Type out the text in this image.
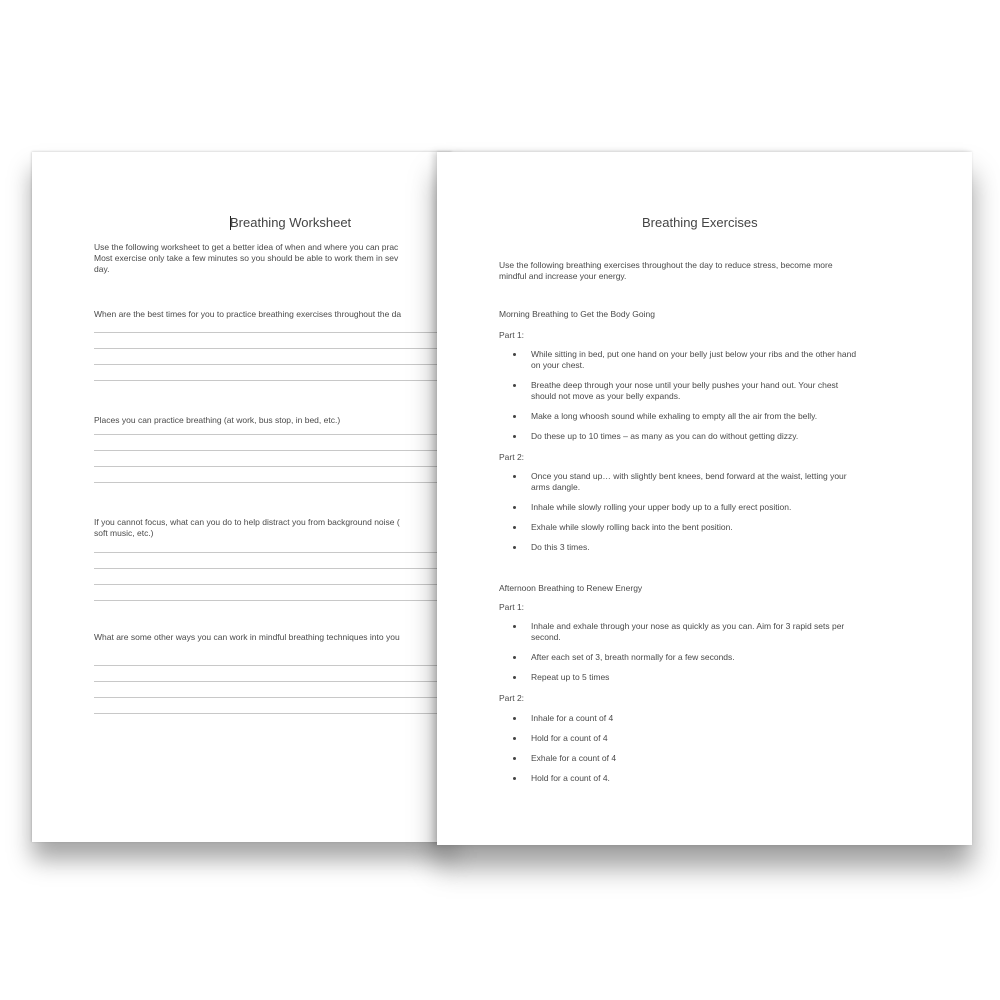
Breathing Worksheet
Use the following worksheet to get a better idea of when and where you can prac
Most exercise only take a few minutes so you should be able to work them in sev
day.
When are the best times for you to practice breathing exercises throughout the da
Places you can practice breathing (at work, bus stop, in bed, etc.)
If you cannot focus, what can you do to help distract you from background noise (
soft music, etc.)
What are some other ways you can work in mindful breathing techniques into you
Breathing Exercises
Use the following breathing exercises throughout the day to reduce stress, become more
mindful and increase your energy.
Morning Breathing to Get the Body Going
Part 1:
While sitting in bed, put one hand on your belly just below your ribs and the other hand
on your chest.
Breathe deep through your nose until your belly pushes your hand out. Your chest
should not move as your belly expands.
Make a long whoosh sound while exhaling to empty all the air from the belly.
Do these up to 10 times – as many as you can do without getting dizzy.
Part 2:
Once you stand up… with slightly bent knees, bend forward at the waist, letting your
arms dangle.
Inhale while slowly rolling your upper body up to a fully erect position.
Exhale while slowly rolling back into the bent position.
Do this 3 times.
Afternoon Breathing to Renew Energy
Part 1:
Inhale and exhale through your nose as quickly as you can. Aim for 3 rapid sets per
second.
After each set of 3, breath normally for a few seconds.
Repeat up to 5 times
Part 2:
Inhale for a count of 4
Hold for a count of 4
Exhale for a count of 4
Hold for a count of 4.
